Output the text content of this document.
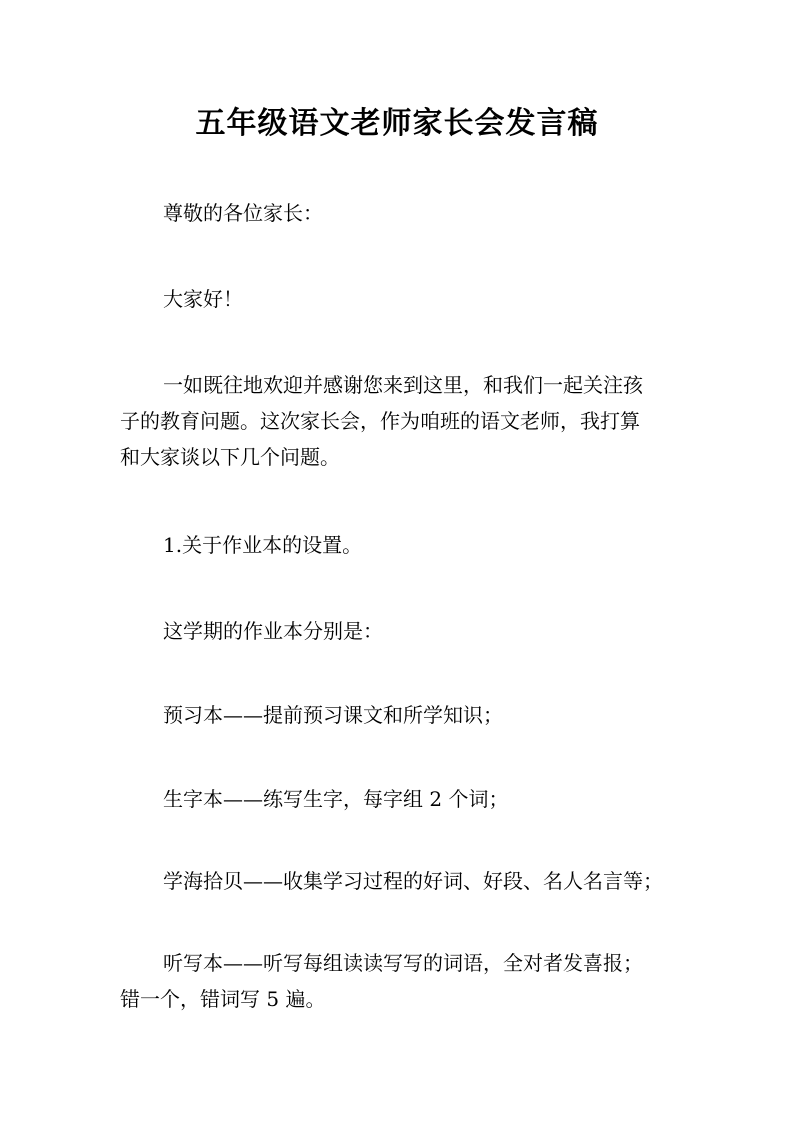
五年级语文老师家长会发言稿
尊敬的各位家长：
大家好！
一如既往地欢迎并感谢您来到这里，和我们一起关注孩
子的教育问题。这次家长会，作为咱班的语文老师，我打算
和大家谈以下几个问题。
1.关于作业本的设置。
这学期的作业本分别是：
预习本——提前预习课文和所学知识；
生字本——练写生字，每字组 2 个词；
学海拾贝——收集学习过程的好词、好段、名人名言等；
听写本——听写每组读读写写的词语，全对者发喜报；
错一个，错词写 5 遍。
